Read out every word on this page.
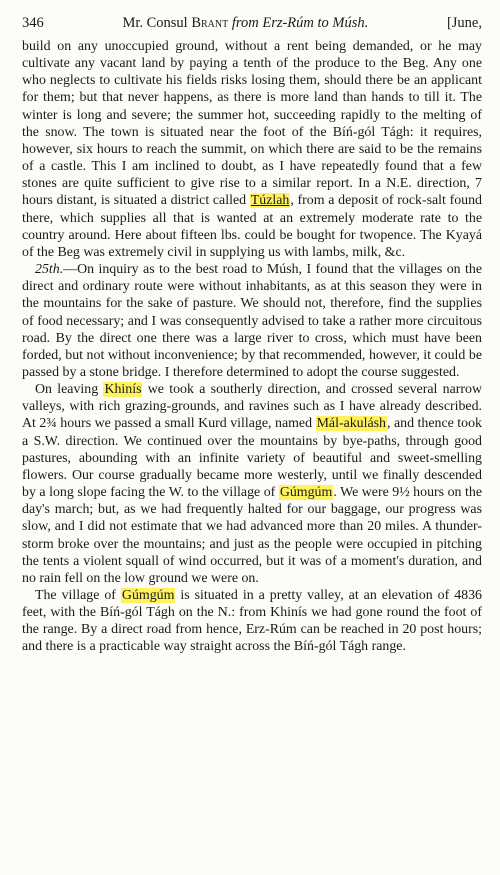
346	Mr. Consul Brant from Erz-Rúm to Músh.	[June,

build on any unoccupied ground, without a rent being demanded, or he may cultivate any vacant land by paying a tenth of the produce to the Beg. Any one who neglects to cultivate his fields risks losing them, should there be an applicant for them; but that never happens, as there is more land than hands to till it. The winter is long and severe; the summer hot, succeeding rapidly to the melting of the snow. The town is situated near the foot of the Bíń-gól Tágh: it requires, however, six hours to reach the summit, on which there are said to be the remains of a castle. This I am inclined to doubt, as I have repeatedly found that a few stones are quite sufficient to give rise to a similar report. In a N.E. direction, 7 hours distant, is situated a district called Túzlah, from a deposit of rock-salt found there, which supplies all that is wanted at an extremely moderate rate to the country around. Here about fifteen lbs. could be bought for twopence. The Kyayá of the Beg was extremely civil in supplying us with lambs, milk, &c.

25th.—On inquiry as to the best road to Músh, I found that the villages on the direct and ordinary route were without inhabitants, as at this season they were in the mountains for the sake of pasture. We should not, therefore, find the supplies of food necessary; and I was consequently advised to take a rather more circuitous road. By the direct one there was a large river to cross, which must have been forded, but not without inconvenience; by that recommended, however, it could be passed by a stone bridge. I therefore determined to adopt the course suggested.

On leaving Khinís we took a southerly direction, and crossed several narrow valleys, with rich grazing-grounds, and ravines such as I have already described. At 2¾ hours we passed a small Kurd village, named Mál-akulásh, and thence took a S.W. direction. We continued over the mountains by bye-paths, through good pastures, abounding with an infinite variety of beautiful and sweet-smelling flowers. Our course gradually became more westerly, until we finally descended by a long slope facing the W. to the village of Gúmgúm. We were 9½ hours on the day's march; but, as we had frequently halted for our baggage, our progress was slow, and I did not estimate that we had advanced more than 20 miles. A thunder-storm broke over the mountains; and just as the people were occupied in pitching the tents a violent squall of wind occurred, but it was of a moment's duration, and no rain fell on the low ground we were on.

The village of Gúmgúm is situated in a pretty valley, at an elevation of 4836 feet, with the Bíń-gól Tágh on the N.: from Khinís we had gone round the foot of the range. By a direct road from hence, Erz-Rúm can be reached in 20 post hours; and there is a practicable way straight across the Bíń-gól Tágh range.
